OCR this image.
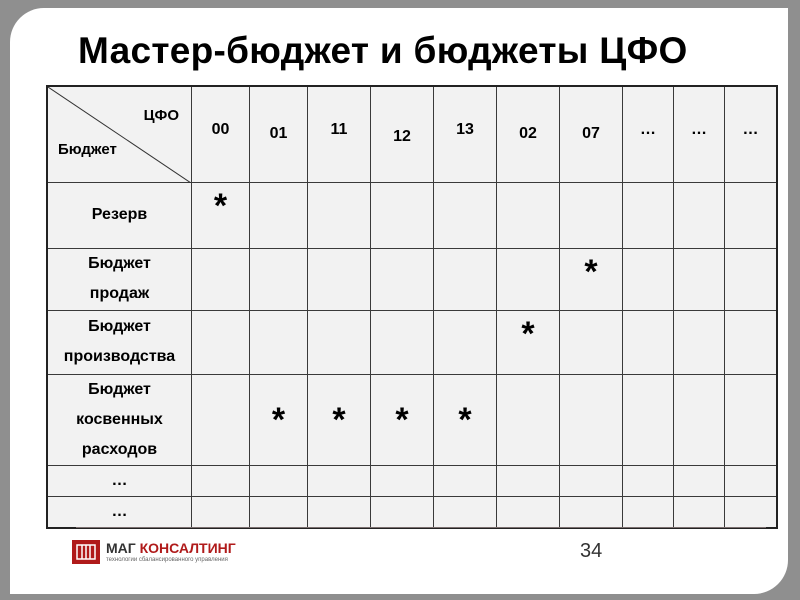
Мастер-бюджет и бюджеты ЦФО
ЦФО
Бюджет	00	01	11	12	13	02	07	…	…	…

Резерв	*									

Бюджет
продаж							*			

Бюджет
производства						*				

Бюджет
косвенных
расходов		*	*	*	*					

…										

…										

МАГ КОНСАЛТИНГ
технологии сбалансированного управления	34
